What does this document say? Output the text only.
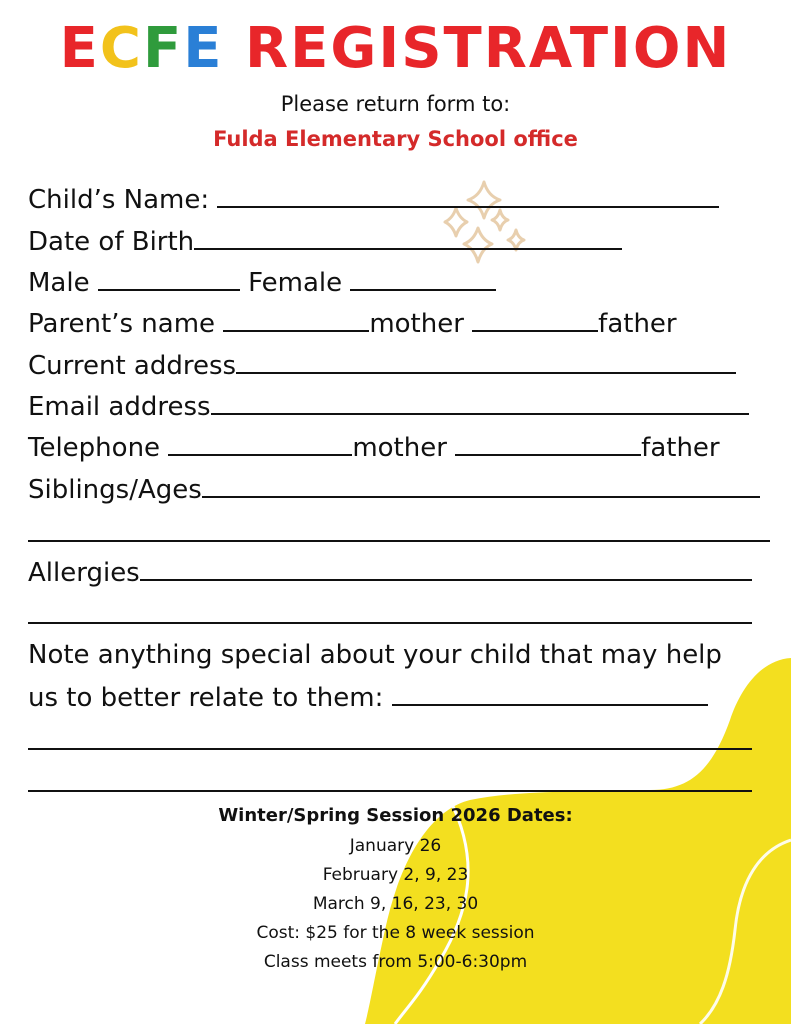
ECFE REGISTRATION
Please return form to:
Fulda Elementary School office
Child’s Name:
Date of Birth
Male	Female
Parent’s name	mother	father
Current address
Email address
Telephone	mother	father
Siblings/Ages
Allergies
Note anything special about your child that may help
us to better relate to them:
Winter/Spring Session 2026 Dates:
January 26
February 2, 9, 23
March 9, 16, 23, 30
Cost: $25 for the 8 week session
Class meets from 5:00-6:30pm
